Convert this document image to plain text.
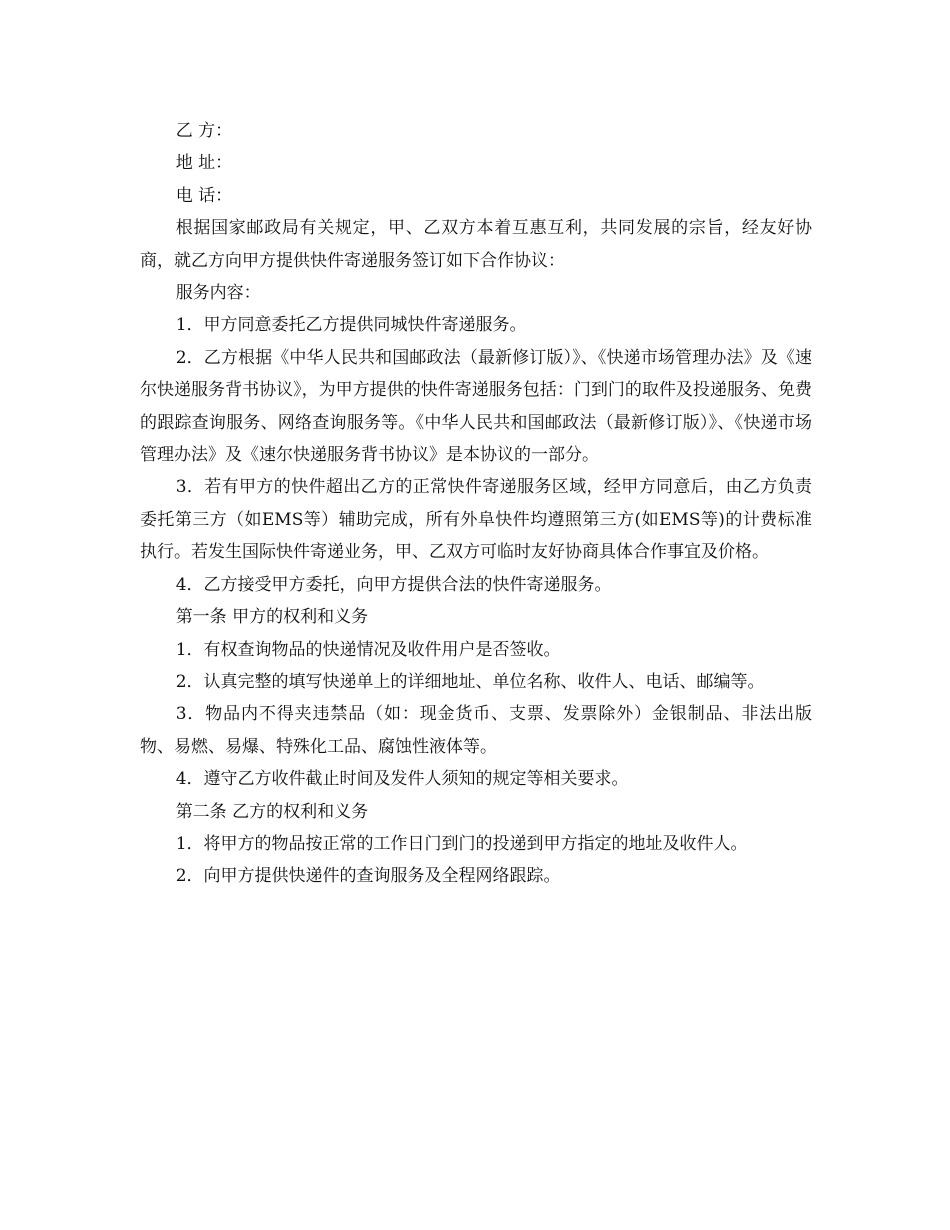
乙 方：

地 址：

电 话：

根据国家邮政局有关规定，甲、乙双方本着互惠互利，共同发展的宗旨，经友好协商，就乙方向甲方提供快件寄递服务签订如下合作协议：

服务内容：

1．甲方同意委托乙方提供同城快件寄递服务。

2．乙方根据《中华人民共和国邮政法（最新修订版）》、《快递市场管理办法》及《速尔快递服务背书协议》，为甲方提供的快件寄递服务包括：门到门的取件及投递服务、免费的跟踪查询服务、网络查询服务等。《中华人民共和国邮政法（最新修订版）》、《快递市场管理办法》及《速尔快递服务背书协议》是本协议的一部分。

3．若有甲方的快件超出乙方的正常快件寄递服务区域，经甲方同意后，由乙方负责委托第三方（如EMS等）辅助完成，所有外阜快件均遵照第三方(如EMS等)的计费标准执行。若发生国际快件寄递业务，甲、乙双方可临时友好协商具体合作事宜及价格。

4．乙方接受甲方委托，向甲方提供合法的快件寄递服务。

第一条 甲方的权利和义务

1．有权查询物品的快递情况及收件用户是否签收。

2．认真完整的填写快递单上的详细地址、单位名称、收件人、电话、邮编等。

3．物品内不得夹违禁品（如：现金货币、支票、发票除外）金银制品、非法出版物、易燃、易爆、特殊化工品、腐蚀性液体等。

4．遵守乙方收件截止时间及发件人须知的规定等相关要求。

第二条 乙方的权利和义务

1．将甲方的物品按正常的工作日门到门的投递到甲方指定的地址及收件人。

2．向甲方提供快递件的查询服务及全程网络跟踪。
